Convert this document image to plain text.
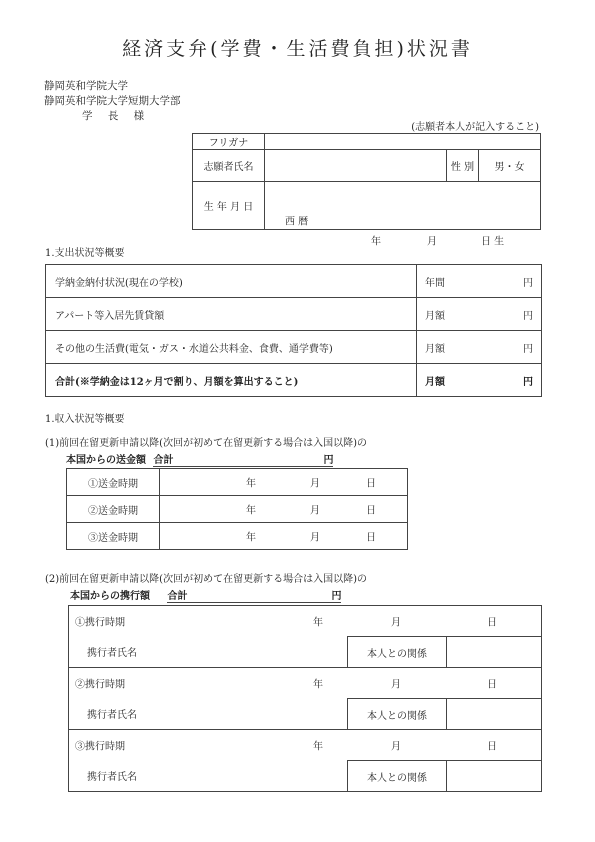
経済支弁(学費・生活費負担)状況書
静岡英和学院大学
静岡英和学院大学短期大学部
学 長 様
(志願者本人が記入すること)
フリガナ			
志願者氏名		性 別	男・女
生 年 月 日	西 暦
年 月 日 生		
1.支出状況等概要
学納金納付状況(現在の学校)	年間 円

アパート等入居先賃貸額	月額 円

その他の生活費(電気・ガス・水道公共料金、食費、通学費等)	月額 円

合計(※学納金は12ヶ月で割り、月額を算出すること)	月額 円
1.収入状況等概要
(1)前回在留更新申請以降(次回が初めて在留更新する場合は入国以降)の
本国からの送金額 合計	円
①送金時期	年 月 日

②送金時期	年 月 日

③送金時期	年 月 日
(2)前回在留更新申請以降(次回が初めて在留更新する場合は入国以降)の
本国からの携行額 合計	円
①携行時期 年 月 日		

携行者氏名	本人との関係	

②携行時期 年 月 日		

携行者氏名	本人との関係	

③携行時期 年 月 日		

携行者氏名	本人との関係	
